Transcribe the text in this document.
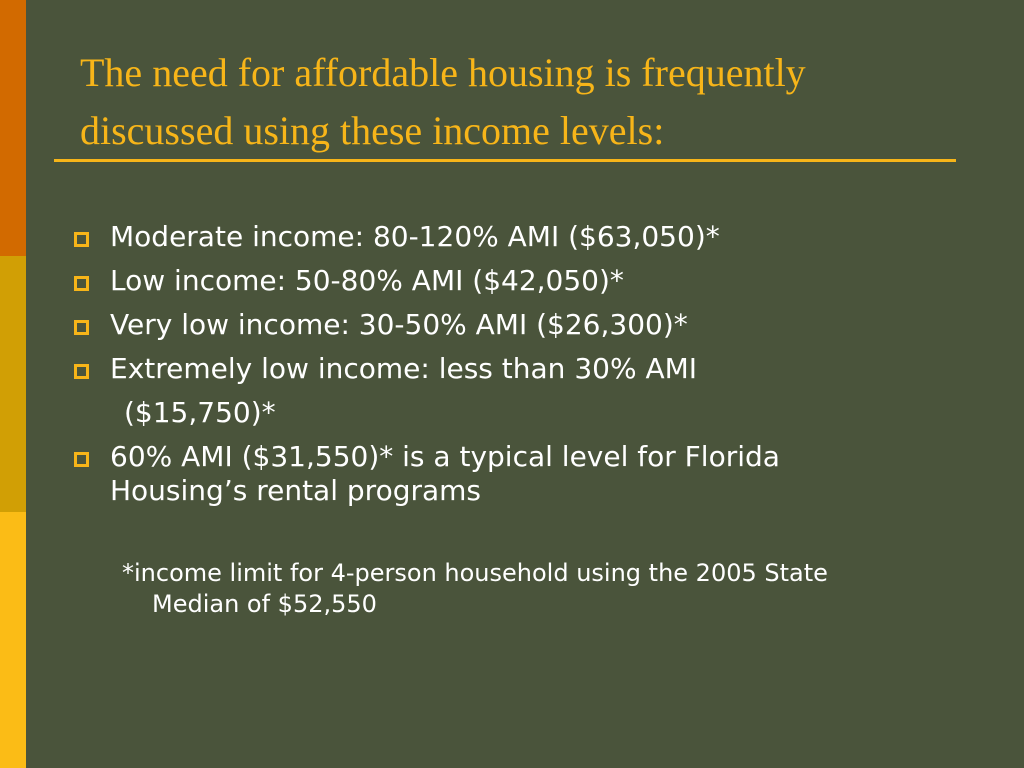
The need for affordable housing is frequently
discussed using these income levels:
Moderate income: 80-120% AMI ($63,050)*
Low income: 50-80% AMI ($42,050)*
Very low income: 30-50% AMI ($26,300)*
Extremely low income: less than 30% AMI
($15,750)*
60% AMI ($31,550)* is a typical level for Florida
Housing’s rental programs

*income limit for 4-person household using the 2005 State
Median of $52,550
